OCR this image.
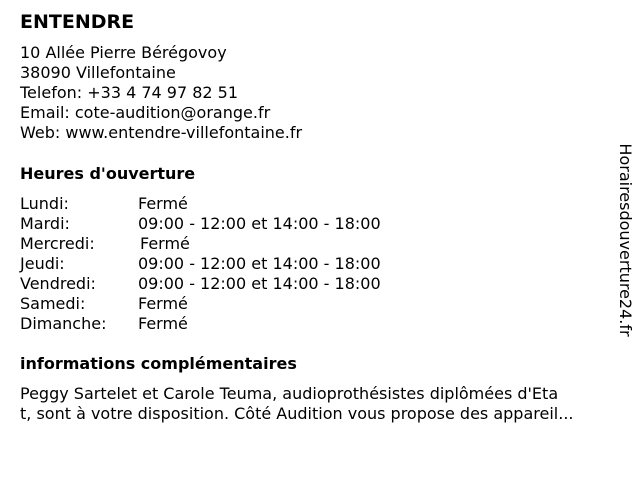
ENTENDRE
10 Allée Pierre Bérégovoy
38090 Villefontaine
Telefon: +33 4 74 97 82 51
Email: cote-audition@orange.fr
Web: www.entendre-villefontaine.fr
Heures d'ouverture
Lundi:	Fermé
Mardi:	09:00 - 12:00 et 14:00 - 18:00
Mercredi:	Fermé
Jeudi:	09:00 - 12:00 et 14:00 - 18:00
Vendredi:	09:00 - 12:00 et 14:00 - 18:00
Samedi:	Fermé
Dimanche: Fermé
informations complémentaires
Peggy Sartelet et Carole Teuma, audioprothésistes diplômées d'Eta
t, sont à votre disposition. Côté Audition vous propose des appareil...
Horairesdouverture24.fr
